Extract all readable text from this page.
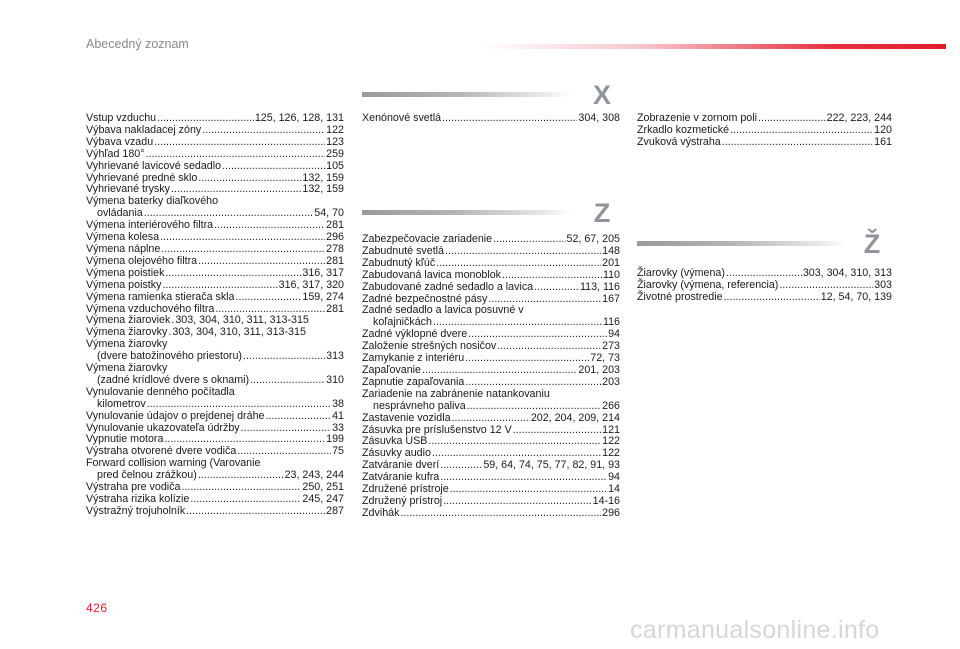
Abecedný zoznam
Vstup vzduchu .....	125, 126, 128, 131
Výbava nakladacej zóny .....	122
Výbava vzadu .....	123
Výhľad 180° .....	259
Vyhrievané lavicové sedadlo .....	105
Vyhrievané predné sklo .....	132, 159
Vyhrievané trysky .....	132, 159
Výmena baterky diaľkového
ovládania .....	54, 70
Výmena interiérového filtra .....	281
Výmena kolesa .....	296
Výmena náplne .....	278
Výmena olejového filtra .....	281
Výmena poistiek .....	316, 317
Výmena poistky .....	316, 317, 320
Výmena ramienka stierača skla .....	159, 274
Výmena vzduchového filtra .....	281
Výmena žiaroviek ..... 303, 304, 310, 311, 313-315
Výmena žiarovky ..... 303, 304, 310, 311, 313-315
Výmena žiarovky
(dvere batožinového priestoru) .....	313
Výmena žiarovky
(zadné krídlové dvere s oknami) .....	310
Vynulovanie denného počítadla
kilometrov .....	38
Vynulovanie údajov o prejdenej dráhe .....	41
Vynulovanie ukazovateľa údržby .....	33
Vypnutie motora .....	199
Výstraha otvorené dvere vodiča .....	75
Forward collision warning (Varovanie
pred čelnou zrážkou) .....	23, 243, 244
Výstraha pre vodiča .....	250, 251
Výstraha rizika kolízie .....	245, 247
Výstražný trojuholník .....	287
X
Xenónové svetlá .....	304, 308
Z
Zabezpečovacie zariadenie .....	52, 67, 205
Zabudnuté svetlá .....	148
Zabudnutý kľúč .....	201
Zabudovaná lavica monoblok .....	110
Zabudované zadné sedadlo a lavica .....	113, 116
Zadné bezpečnostné pásy .....	167
Zadné sedadlo a lavica posuvné v
koľajničkách .....	116
Zadné výklopné dvere .....	94
Založenie strešných nosičov .....	273
Zamykanie z interiéru .....	72, 73
Zapaľovanie .....	201, 203
Zapnutie zapaľovania .....	203
Zariadenie na zabránenie natankovaniu
nesprávneho paliva .....	266
Zastavenie vozidla .....	202, 204, 209, 214
Zásuvka pre príslušenstvo 12 V .....	121
Zásuvka USB .....	122
Zásuvky audio .....	122
Zatváranie dverí .....	59, 64, 74, 75, 77, 82, 91, 93
Zatváranie kufra .....	94
Združené prístroje .....	14
Združený prístroj .....	14-16
Zdvihák .....	296
Zobrazenie v zornom poli .....	222, 223, 244
Zrkadlo kozmetické .....	120
Zvuková výstraha .....	161
Ž
Žiarovky (výmena) .....	303, 304, 310, 313
Žiarovky (výmena, referencia) .....	303
Životné prostredie .....	12, 54, 70, 139
426
carmanualsonline.info
